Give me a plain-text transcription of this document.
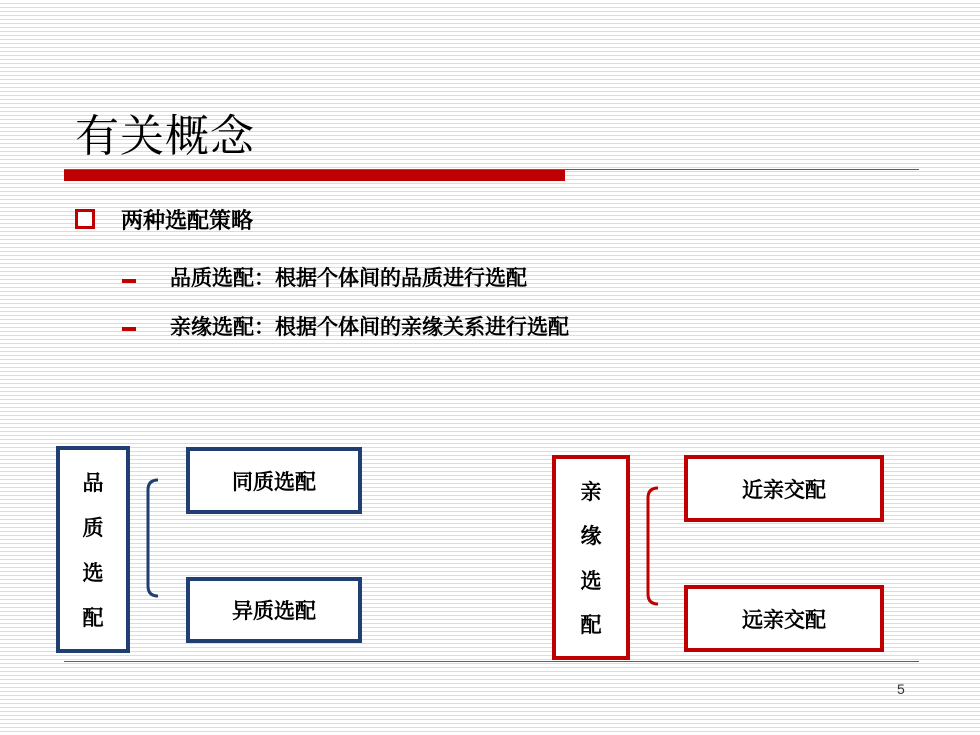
有关概念
两种选配策略
品质选配：根据个体间的品质进行选配
亲缘选配：根据个体间的亲缘关系进行选配
品
质
选
配
同质选配
异质选配
亲
缘
选
配
近亲交配
远亲交配
5
